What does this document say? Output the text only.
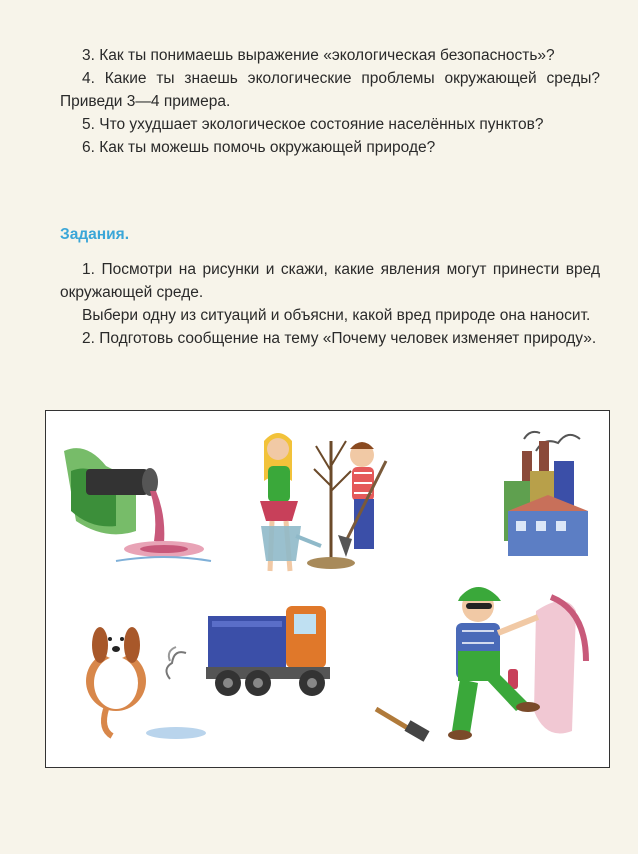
3. Как ты понимаешь выражение «экологическая безопасность»?

4. Какие ты знаешь экологические проблемы окружающей среды? Приведи 3—4 примера.

5. Что ухудшает экологическое состояние населённых пунктов?

6. Как ты можешь помочь окружающей природе?

Задания.

1. Посмотри на рисунки и скажи, какие явления могут принести вред окружающей среде.

Выбери одну из ситуаций и объясни, какой вред природе она наносит.

2. Подготовь сообщение на тему «Почему человек изменяет природу».
